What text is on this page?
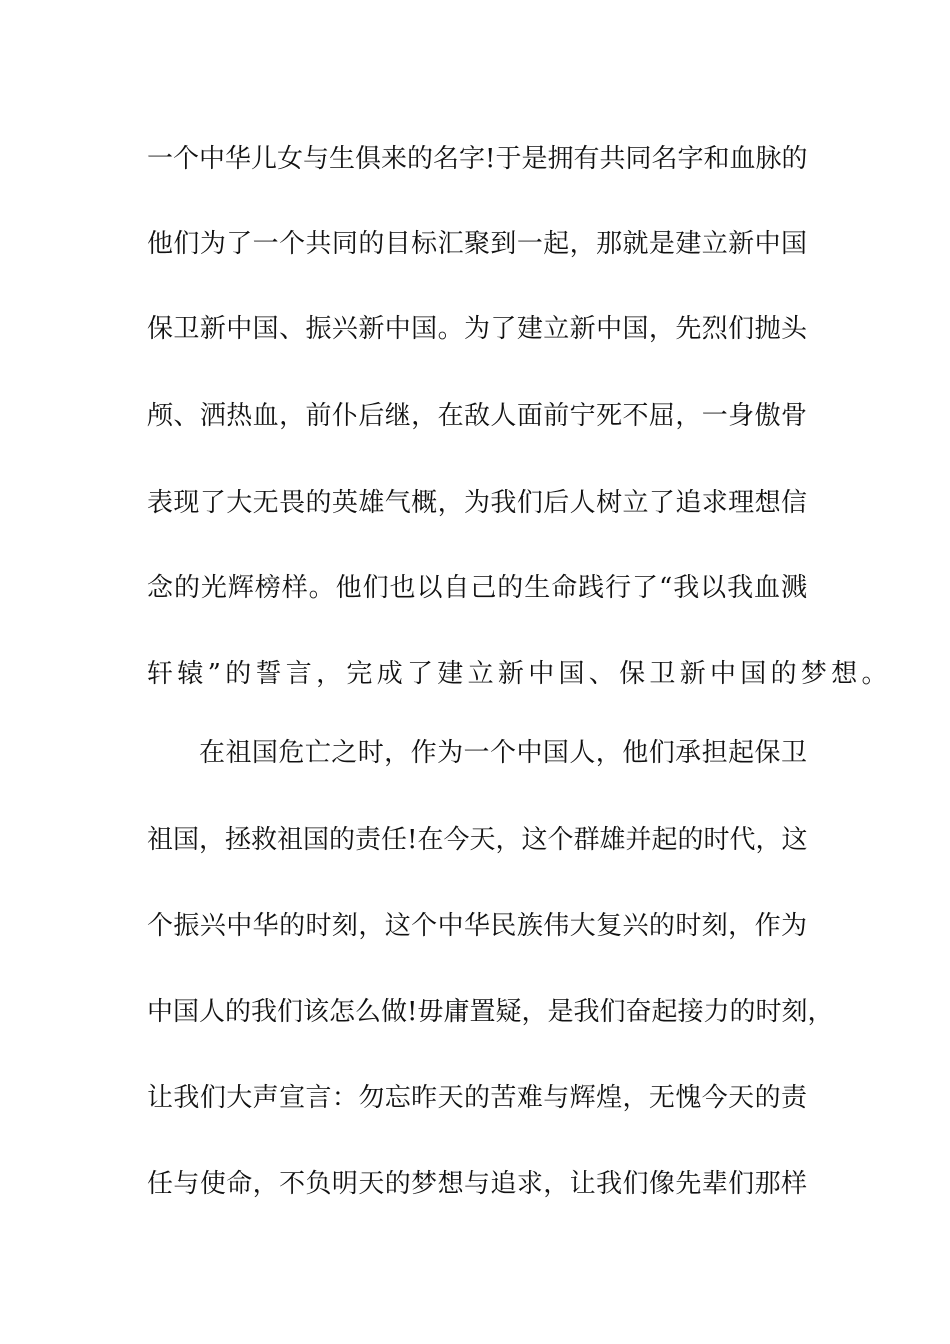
一个中华儿女与生俱来的名字!于是拥有共同名字和血脉的
他们为了一个共同的目标汇聚到一起，那就是建立新中国
保卫新中国、振兴新中国。为了建立新中国，先烈们抛头
颅、洒热血，前仆后继，在敌人面前宁死不屈，一身傲骨
表现了大无畏的英雄气概，为我们后人树立了追求理想信
念的光辉榜样。他们也以自己的生命践行了“我以我血溅
轩辕”的誓言，完成了建立新中国、保卫新中国的梦想。
在祖国危亡之时，作为一个中国人，他们承担起保卫
祖国，拯救祖国的责任!在今天，这个群雄并起的时代，这
个振兴中华的时刻，这个中华民族伟大复兴的时刻，作为
中国人的我们该怎么做!毋庸置疑，是我们奋起接力的时刻，
让我们大声宣言：勿忘昨天的苦难与辉煌，无愧今天的责
任与使命，不负明天的梦想与追求，让我们像先辈们那样
